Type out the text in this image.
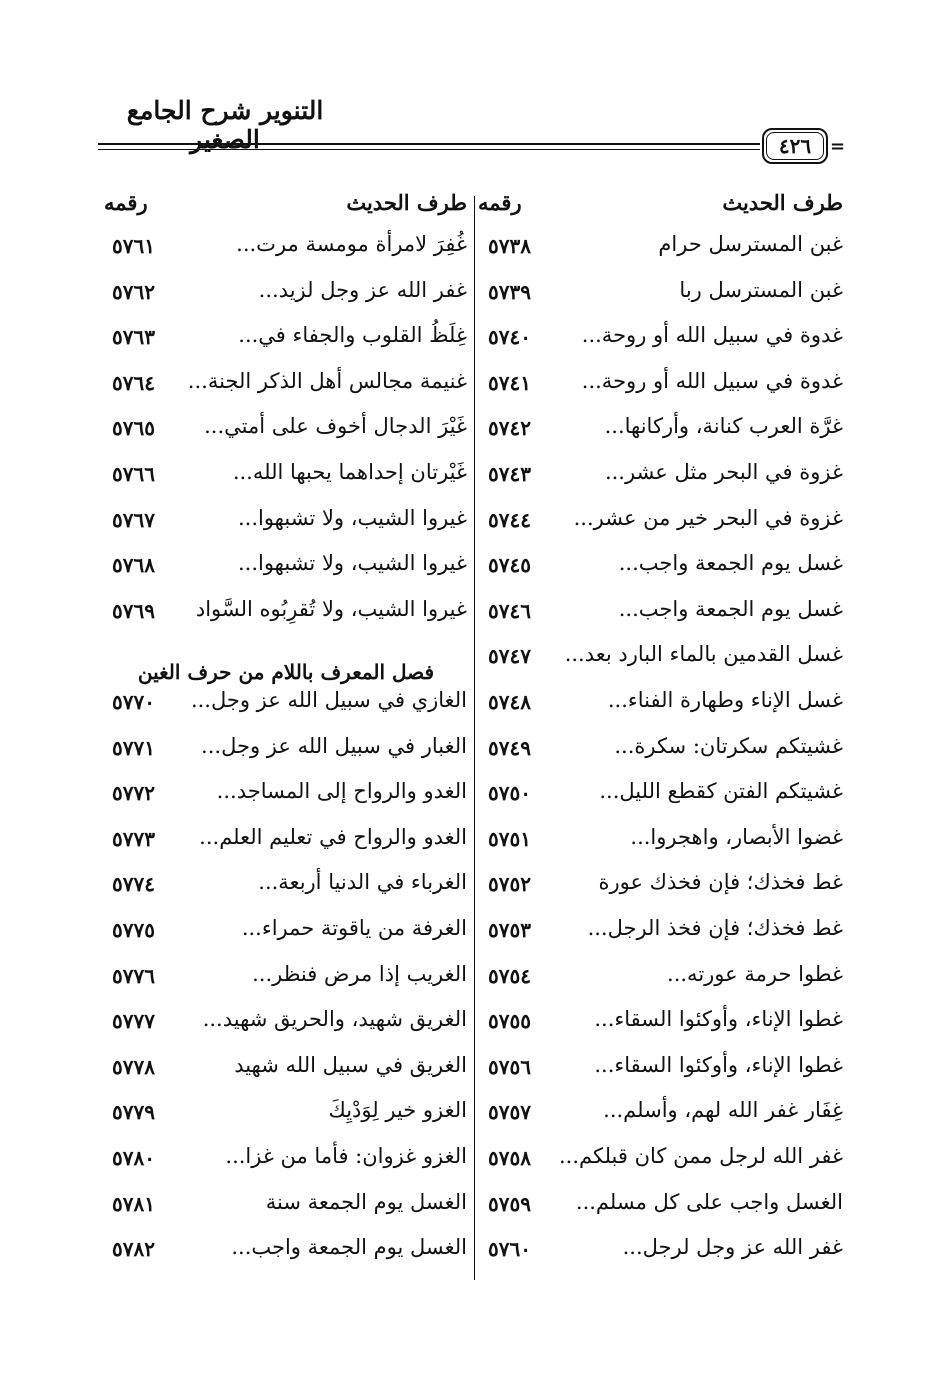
التنوير شرح الجامع الصغير	٤٢٦ =
طرف الحديث
رقمه
طرف الحديث
رقمه
غبن المسترسل حرام
٥٧٣٨
غبن المسترسل ربا
٥٧٣٩
غدوة في سبيل الله أو روحة...
٥٧٤٠
غدوة في سبيل الله أو روحة...
٥٧٤١
غرَّة العرب كنانة، وأركانها...
٥٧٤٢
غزوة في البحر مثل عشر...
٥٧٤٣
غزوة في البحر خير من عشر...
٥٧٤٤
غسل يوم الجمعة واجب...
٥٧٤٥
غسل يوم الجمعة واجب...
٥٧٤٦
غسل القدمين بالماء البارد بعد...
٥٧٤٧
غسل الإناء وطهارة الفناء...
٥٧٤٨
غشيتكم سكرتان: سكرة...
٥٧٤٩
غشيتكم الفتن كقطع الليل...
٥٧٥٠
غضوا الأبصار، واهجروا...
٥٧٥١
غط فخذك؛ فإن فخذك عورة
٥٧٥٢
غط فخذك؛ فإن فخذ الرجل...
٥٧٥٣
غطوا حرمة عورته...
٥٧٥٤
غطوا الإناء، وأوكئوا السقاء...
٥٧٥٥
غطوا الإناء، وأوكئوا السقاء...
٥٧٥٦
غِفَار غفر الله لهم، وأسلم...
٥٧٥٧
غفر الله لرجل ممن كان قبلكم...
٥٧٥٨
الغسل واجب على كل مسلم...
٥٧٥٩
غفر الله عز وجل لرجل...
٥٧٦٠
غُفِرَ لامرأة مومسة مرت...
٥٧٦١
غفر الله عز وجل لزيد...
٥٧٦٢
غِلَظُ القلوب والجفاء في...
٥٧٦٣
غنيمة مجالس أهل الذكر الجنة...
٥٧٦٤
غَيْرَ الدجال أخوف على أمتي...
٥٧٦٥
غَيْرتان إحداهما يحبها الله...
٥٧٦٦
غيروا الشيب، ولا تشبهوا...
٥٧٦٧
غيروا الشيب، ولا تشبهوا...
٥٧٦٨
غيروا الشيب، ولا تُقرِبُوه السَّواد
٥٧٦٩
فصل المعرف باللام من حرف الغين
الغازي في سبيل الله عز وجل...
٥٧٧٠
الغبار في سبيل الله عز وجل...
٥٧٧١
الغدو والرواح إلى المساجد...
٥٧٧٢
الغدو والرواح في تعليم العلم...
٥٧٧٣
الغرباء في الدنيا أربعة...
٥٧٧٤
الغرفة من ياقوتة حمراء...
٥٧٧٥
الغريب إذا مرض فنظر...
٥٧٧٦
الغريق شهيد، والحريق شهيد...
٥٧٧٧
الغريق في سبيل الله شهيد
٥٧٧٨
الغزو خير لِوَدْيِكَ
٥٧٧٩
الغزو غزوان: فأما من غزا...
٥٧٨٠
الغسل يوم الجمعة سنة
٥٧٨١
الغسل يوم الجمعة واجب...
٥٧٨٢
